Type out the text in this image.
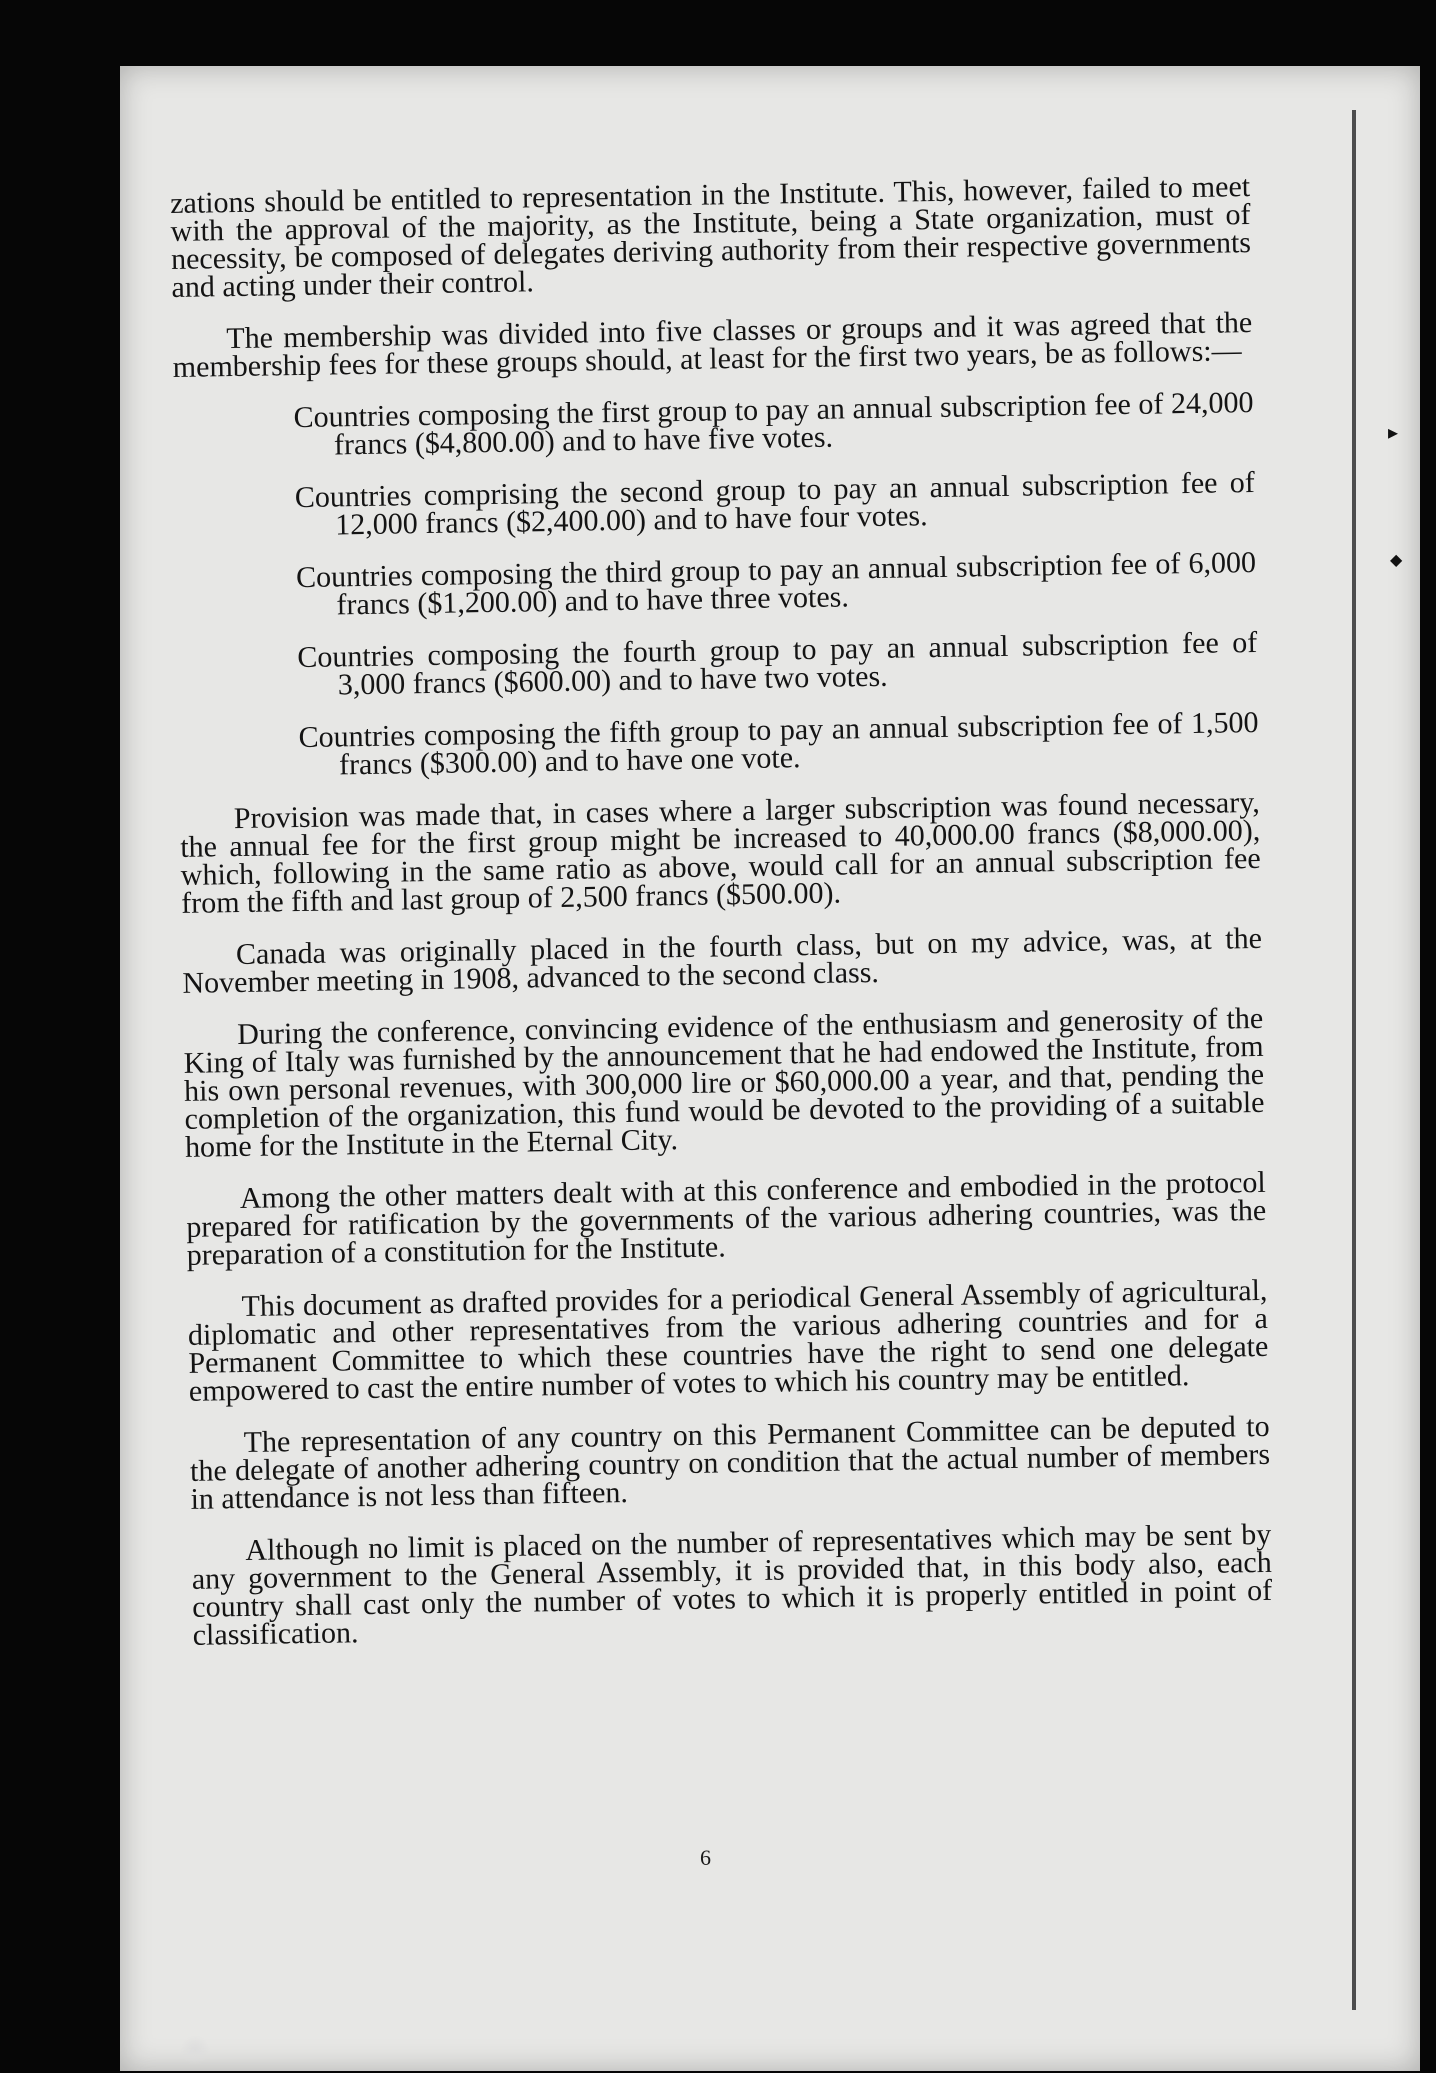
▸
◆

zations should be entitled to representation in the Institute. This, however, failed to meet with the approval of the majority, as the Institute, being a State organization, must of necessity, be composed of delegates deriving authority from their respective governments and acting under their control.

The membership was divided into five classes or groups and it was agreed that the membership fees for these groups should, at least for the first two years, be as follows:—

Countries composing the first group to pay an annual subscription fee of 24,000 francs ($4,800.00) and to have five votes.

Countries comprising the second group to pay an annual subscription fee of 12,000 francs ($2,400.00) and to have four votes.

Countries composing the third group to pay an annual subscription fee of 6,000 francs ($1,200.00) and to have three votes.

Countries composing the fourth group to pay an annual subscription fee of 3,000 francs ($600.00) and to have two votes.

Countries composing the fifth group to pay an annual subscription fee of 1,500 francs ($300.00) and to have one vote.

Provision was made that, in cases where a larger subscription was found necessary, the annual fee for the first group might be increased to 40,000.00 francs ($8,000.00), which, following in the same ratio as above, would call for an annual subscription fee from the fifth and last group of 2,500 francs ($500.00).

Canada was originally placed in the fourth class, but on my advice, was, at the November meeting in 1908, advanced to the second class.

During the conference, convincing evidence of the enthusiasm and generosity of the King of Italy was furnished by the announcement that he had endowed the Institute, from his own personal revenues, with 300,000 lire or $60,000.00 a year, and that, pending the completion of the organization, this fund would be devoted to the providing of a suitable home for the Institute in the Eternal City.

Among the other matters dealt with at this conference and embodied in the protocol prepared for ratification by the governments of the various adhering countries, was the preparation of a constitution for the Institute.

This document as drafted provides for a periodical General Assembly of agricultural, diplomatic and other representatives from the various adhering countries and for a Permanent Committee to which these countries have the right to send one delegate empowered to cast the entire number of votes to which his country may be entitled.

The representation of any country on this Permanent Committee can be deputed to the delegate of another adhering country on condition that the actual number of members in attendance is not less than fifteen.

Although no limit is placed on the number of representatives which may be sent by any government to the General Assembly, it is provided that, in this body also, each country shall cast only the number of votes to which it is properly entitled in point of classification.

6
